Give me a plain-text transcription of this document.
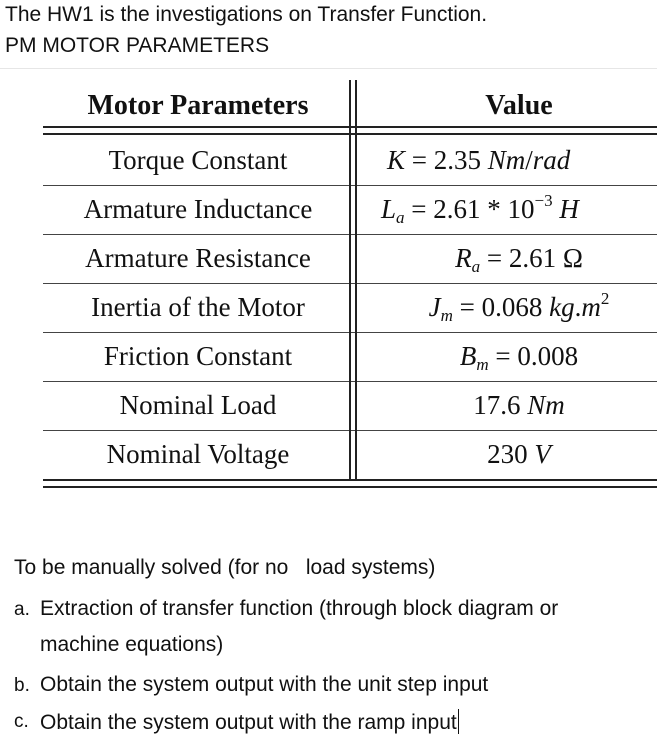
The HW1 is the investigations on Transfer Function.
PM MOTOR PARAMETERS
Motor Parameters	Value
Torque Constant
Armature Inductance
Armature Resistance
Inertia of the Motor
Friction Constant
Nominal Load
Nominal Voltage
K = 2.35 Nm/rad
$L_a = 2.61 * 10^{-3}$ H
$R_a = 2.61$ Ω
$J_m = 0.068$ $kg.m^2$
$B_m = 0.008$
17.6 Nm
230 V
To be manually solved (for no   load systems)
a. Extraction of transfer function (through block diagram or
machine equations)
b. Obtain the system output with the unit step input
c. Obtain the system output with the ramp input
